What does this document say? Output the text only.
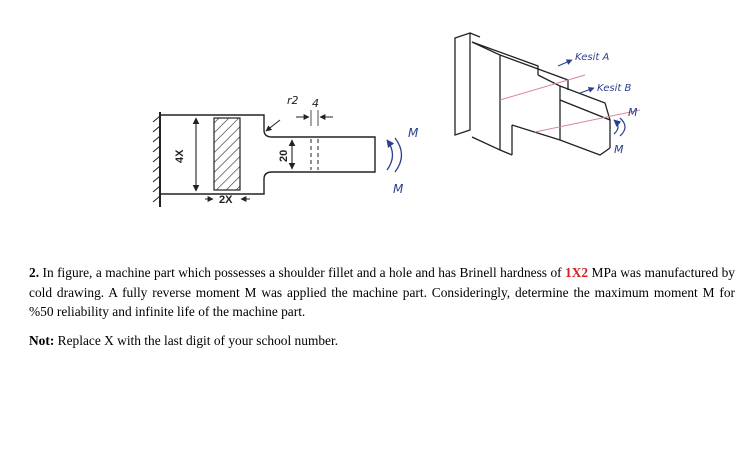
4X
2X
20
r2 4
M
M
Kesit A
Kesit B
M
M

2. In figure, a machine part which possesses a shoulder fillet and a hole and has Brinell hardness of 1X2 MPa was manufactured by cold drawing. A fully reverse moment M was applied the machine part. Consideringly, determine the maximum moment M for %50 reliability and infinite life of the machine part.

Not: Replace X with the last digit of your school number.
